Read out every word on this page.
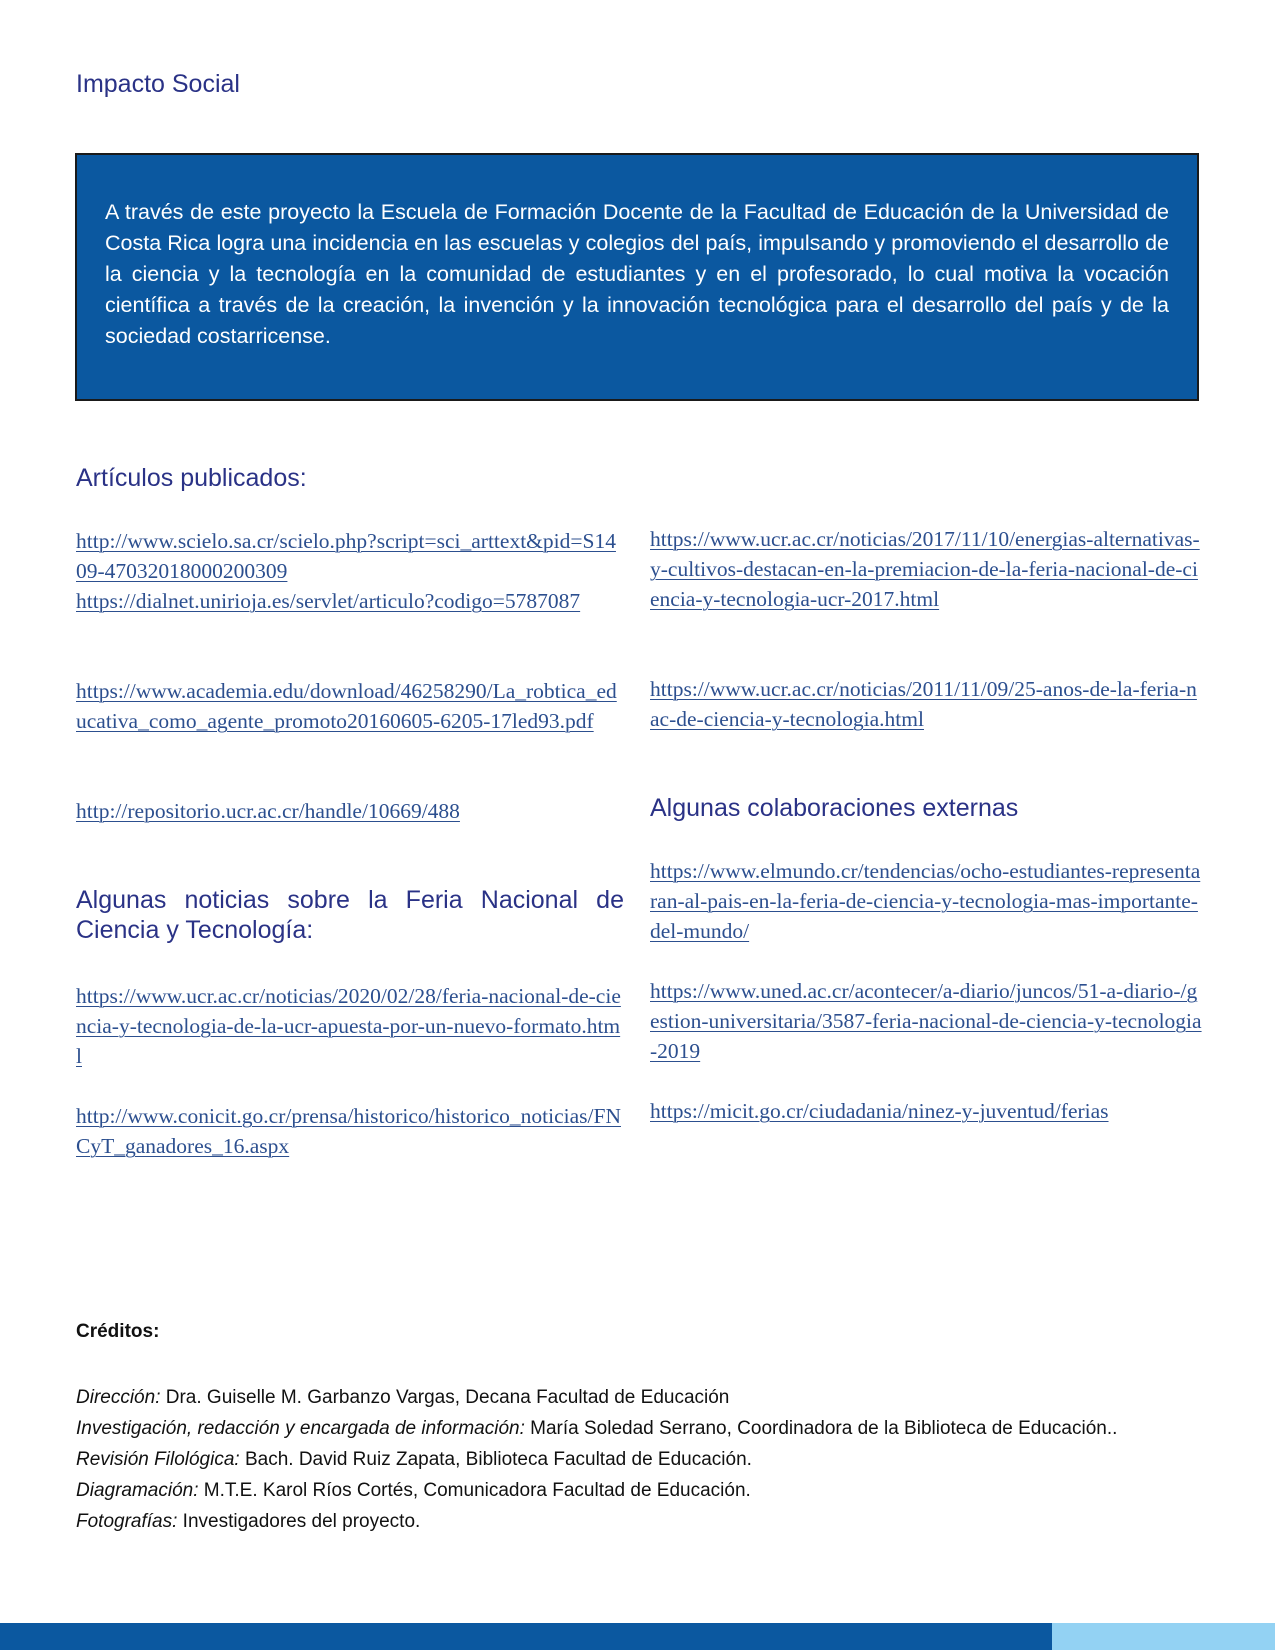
Impacto Social

A través de este proyecto la Escuela de Formación Docente de la Facultad de Educación de la Universidad de Costa Rica logra una incidencia en las escuelas y colegios del país, impulsando y promoviendo el desarrollo de la ciencia y la tecnología en la comunidad de estudiantes y en el profesorado, lo cual motiva la vocación científica a través de la creación, la invención y la innovación tecnológica para el desarrollo del país y de la sociedad costarricense.

Artículos publicados:
http://www.scielo.sa.cr/scielo.php?script=sci_arttext&pid=S1409-47032018000200309
https://dialnet.unirioja.es/servlet/articulo?codigo=5787087
https://www.academia.edu/download/46258290/La_robtica_educativa_como_agente_promoto20160605-6205-17led93.pdf
http://repositorio.ucr.ac.cr/handle/10669/488
Algunas noticias sobre la Feria Nacional de Ciencia y Tecnología:
https://www.ucr.ac.cr/noticias/2020/02/28/feria-nacional-de-ciencia-y-tecnologia-de-la-ucr-apuesta-por-un-nuevo-formato.html
http://www.conicit.go.cr/prensa/historico/historico_noticias/FNCyT_ganadores_16.aspx
https://www.ucr.ac.cr/noticias/2017/11/10/energias-alternativas-y-cultivos-destacan-en-la-premiacion-de-la-feria-nacional-de-ciencia-y-tecnologia-ucr-2017.html
https://www.ucr.ac.cr/noticias/2011/11/09/25-anos-de-la-feria-nac-de-ciencia-y-tecnologia.html
Algunas colaboraciones externas
https://www.elmundo.cr/tendencias/ocho-estudiantes-representaran-al-pais-en-la-feria-de-ciencia-y-tecnologia-mas-importante-del-mundo/
https://www.uned.ac.cr/acontecer/a-diario/juncos/51-a-diario-/gestion-universitaria/3587-feria-nacional-de-ciencia-y-tecnologia-2019
https://micit.go.cr/ciudadania/ninez-y-juventud/ferias
Créditos:
Dirección: Dra. Guiselle M. Garbanzo Vargas, Decana Facultad de Educación
Investigación, redacción y encargada de información: María Soledad Serrano, Coordinadora de la Biblioteca de Educación..
Revisión Filológica: Bach. David Ruiz Zapata, Biblioteca Facultad de Educación.
Diagramación: M.T.E. Karol Ríos Cortés, Comunicadora Facultad de Educación.
Fotografías: Investigadores del proyecto.
